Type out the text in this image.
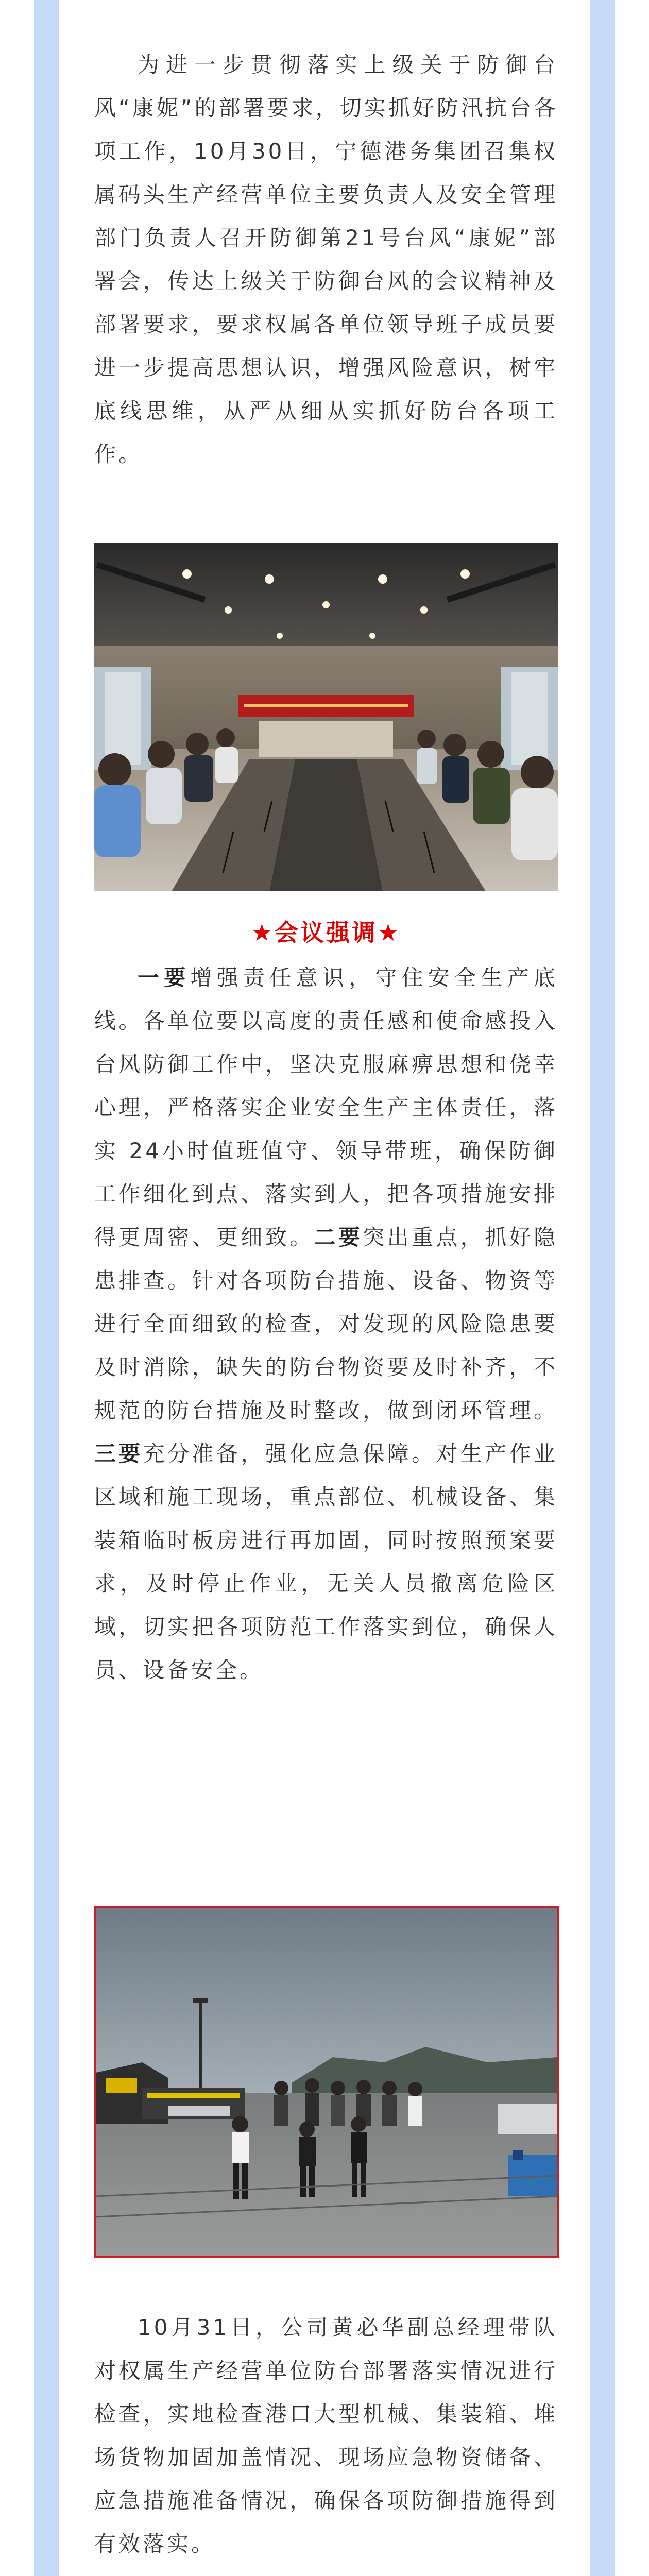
为进一步贯彻落实上级关于防御台风“康妮”的部署要求，切实抓好防汛抗台各项工作，10月30日，宁德港务集团召集权属码头生产经营单位主要负责人及安全管理部门负责人召开防御第21号台风“康妮”部署会，传达上级关于防御台风的会议精神及部署要求，要求权属各单位领导班子成员要进一步提高思想认识，增强风险意识，树牢底线思维，从严从细从实抓好防台各项工作。

★会议强调★

一要增强责任意识，守住安全生产底线。各单位要以高度的责任感和使命感投入台风防御工作中，坚决克服麻痹思想和侥幸心理，严格落实企业安全生产主体责任，落实 24小时值班值守、领导带班，确保防御工作细化到点、落实到人，把各项措施安排得更周密、更细致。二要突出重点，抓好隐患排查。针对各项防台措施、设备、物资等进行全面细致的检查，对发现的风险隐患要及时消除，缺失的防台物资要及时补齐，不规范的防台措施及时整改，做到闭环管理。三要充分准备，强化应急保障。对生产作业区域和施工现场，重点部位、机械设备、集装箱临时板房进行再加固，同时按照预案要求，及时停止作业，无关人员撤离危险区域，切实把各项防范工作落实到位，确保人员、设备安全。

10月31日，公司黄必华副总经理带队对权属生产经营单位防台部署落实情况进行检查，实地检查港口大型机械、集装箱、堆场货物加固加盖情况、现场应急物资储备、应急措施准备情况，确保各项防御措施得到有效落实。
